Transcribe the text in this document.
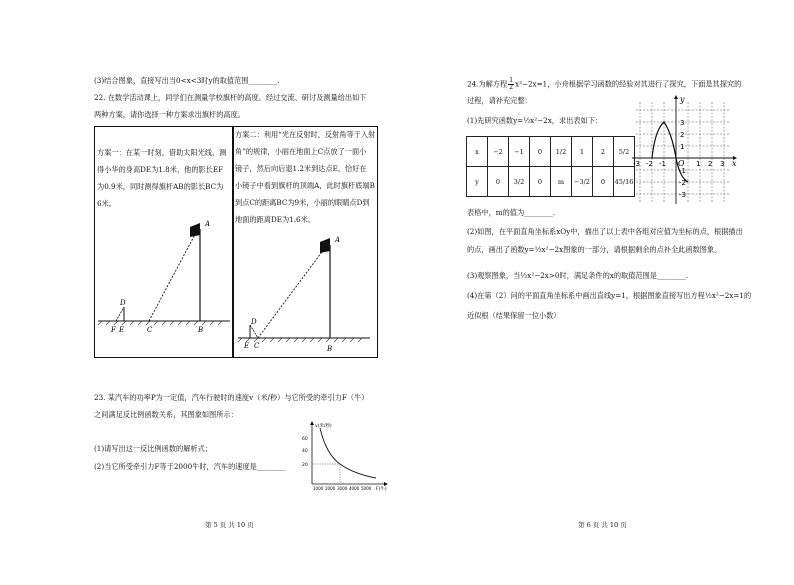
(3)结合图象，直接写出当0<x<3时y的取值范围________.
22. 在数学活动课上，同学们在测量学校旗杆的高度。经过交流、研讨及测量给出如下
两种方案，请你选择一种方案求出旗杆的高度。
方案一：在某一时刻，借助太阳光线，测
得小华的身高DE为1.8米，他的影长EF
为0.9米，同时测得旗杆AB的影长BC为
6米。
方案二：利用“光在反射时，反射角等于入射
角”的规律，小丽在地面上C点放了一面小
镜子，然后向后退1.2米到达点E，恰好在
小镜子中看到旗杆的顶端A，此时旗杆底端B
到点C的距离BC为9米，小丽的眼睛点D到
地面的距离DE为1.6米。
A
D
F E	C	B
A
D
E C	B
23. 某汽车的功率P为一定值，汽车行驶时的速度v（米/秒）与它所受的牵引力F（牛）
之间满足反比例函数关系，其图象如图所示：
(1)请写出这一反比例函数的解析式；
(2)当它所受牵引力F等于2000牛时，汽车的速度是________
v(米/秒)
60
40
20
1000 2000 3000 4000 5000 F(牛)
第 5 页 共 10 页
24.为解方程 $\frac{1}{2} x^2-2x=1$，小舟根据学习函数的经验对其进行了探究，下面是其探究的
过程，请补充完整：
(1)先研究函数y=½x²−2x，求出表如下：
x	−2	−1	0	1/2	1	2	5/2
y	0	3/2	0	m	−3/2	0	45/16
y
x
O
-3 -2 -1	1 2 3
3
2
1
-1
-2
-3
表格中，m的值为________.
(2)如图，在平面直角坐标系xOy中，描出了以上表中各组对应值为坐标的点，根据描出
的点，画出了函数y=½x²−2x图象的一部分，请根据剩余的点补全此函数图象。
(3)观察图象，当½x²−2x>0时，满足条件的x的取值范围是________.
(4)在第（2）问的平面直角坐标系中画出直线y=1，根据图象直接写出方程½x²−2x=1的
近似根（结果保留一位小数）
第 6 页 共 10 页
